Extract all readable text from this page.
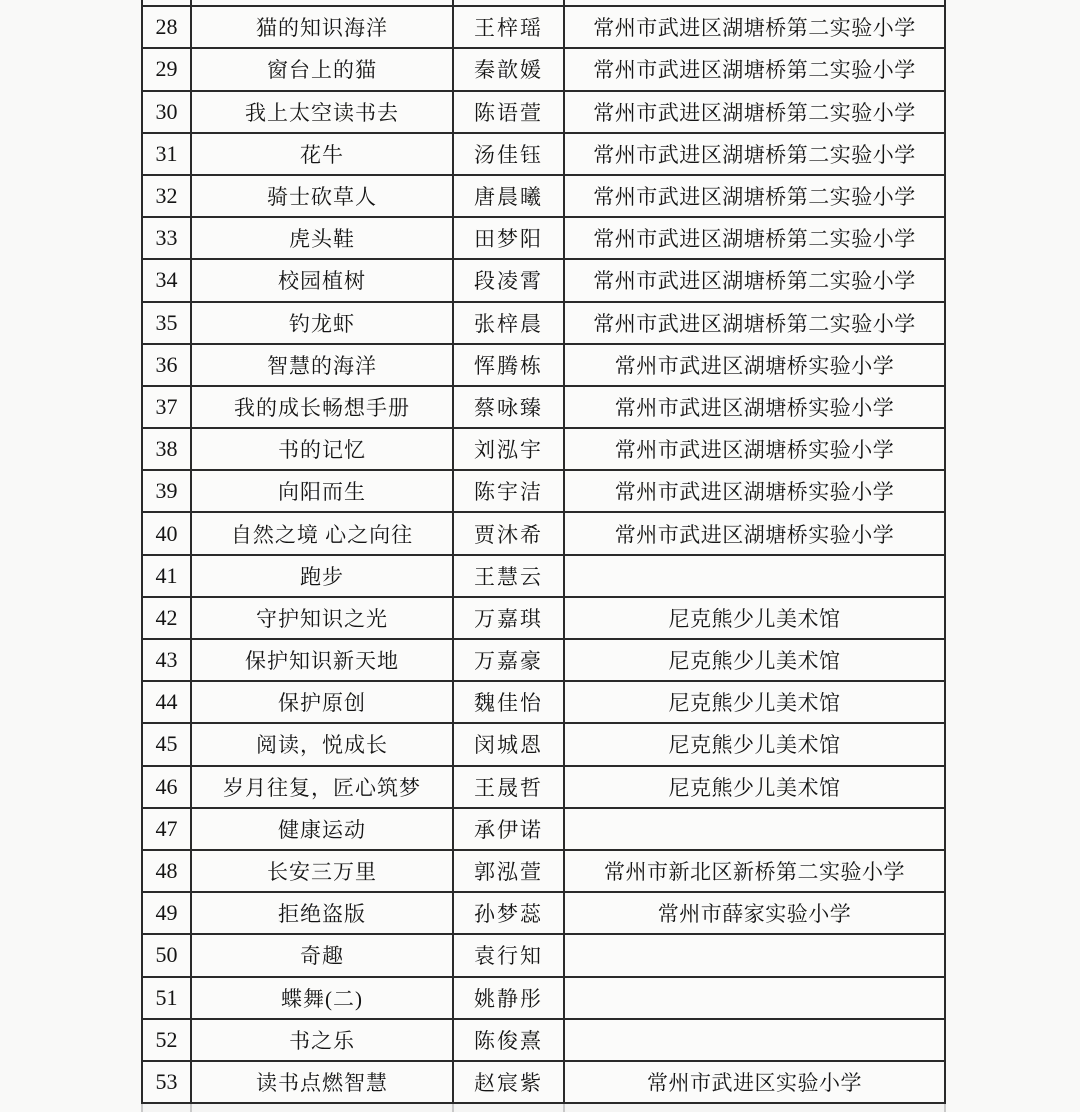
28	猫的知识海洋	王梓瑶	常州市武进区湖塘桥第二实验小学
29	窗台上的猫	秦歆媛	常州市武进区湖塘桥第二实验小学
30	我上太空读书去	陈语萱	常州市武进区湖塘桥第二实验小学
31	花牛	汤佳钰	常州市武进区湖塘桥第二实验小学
32	骑士砍草人	唐晨曦	常州市武进区湖塘桥第二实验小学
33	虎头鞋	田梦阳	常州市武进区湖塘桥第二实验小学
34	校园植树	段凌霄	常州市武进区湖塘桥第二实验小学
35	钓龙虾	张梓晨	常州市武进区湖塘桥第二实验小学
36	智慧的海洋	恽腾栋	常州市武进区湖塘桥实验小学
37	我的成长畅想手册	蔡咏臻	常州市武进区湖塘桥实验小学
38	书的记忆	刘泓宇	常州市武进区湖塘桥实验小学
39	向阳而生	陈宇洁	常州市武进区湖塘桥实验小学
40	自然之境 心之向往	贾沐希	常州市武进区湖塘桥实验小学
41	跑步	王慧云	
42	守护知识之光	万嘉琪	尼克熊少儿美术馆
43	保护知识新天地	万嘉豪	尼克熊少儿美术馆
44	保护原创	魏佳怡	尼克熊少儿美术馆
45	阅读，悦成长	闵城恩	尼克熊少儿美术馆
46	岁月往复，匠心筑梦	王晟哲	尼克熊少儿美术馆
47	健康运动	承伊诺	
48	长安三万里	郭泓萱	常州市新北区新桥第二实验小学
49	拒绝盗版	孙梦蕊	常州市薛家实验小学
50	奇趣	袁行知	
51	蝶舞(二)	姚静彤	
52	书之乐	陈俊熹	
53	读书点燃智慧	赵宸紫	常州市武进区实验小学
